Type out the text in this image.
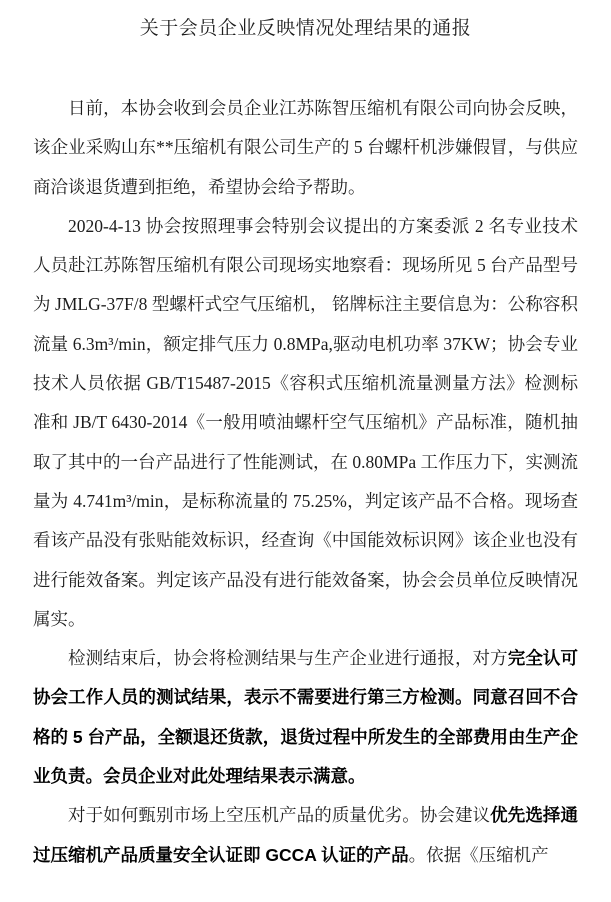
关于会员企业反映情况处理结果的通报

日前，本协会收到会员企业江苏陈智压缩机有限公司向协会反映，该企业采购山东**压缩机有限公司生产的 5 台螺杆机涉嫌假冒，与供应商洽谈退货遭到拒绝，希望协会给予帮助。

2020-4-13 协会按照理事会特别会议提出的方案委派 2 名专业技术人员赴江苏陈智压缩机有限公司现场实地察看：现场所见 5 台产品型号为 JMLG-37F/8 型螺杆式空气压缩机， 铭牌标注主要信息为：公称容积流量 6.3m³/min，额定排气压力 0.8MPa,驱动电机功率 37KW；协会专业技术人员依据 GB/T15487-2015《容积式压缩机流量测量方法》检测标准和 JB/T 6430-2014《一般用喷油螺杆空气压缩机》产品标准，随机抽取了其中的一台产品进行了性能测试，在 0.80MPa 工作压力下，实测流量为 4.741m³/min，是标称流量的 75.25%，判定该产品不合格。现场查看该产品没有张贴能效标识，经查询《中国能效标识网》该企业也没有进行能效备案。判定该产品没有进行能效备案，协会会员单位反映情况属实。

检测结束后，协会将检测结果与生产企业进行通报，对方完全认可协会工作人员的测试结果，表示不需要进行第三方检测。同意召回不合格的 5 台产品，全额退还货款，退货过程中所发生的全部费用由生产企业负责。会员企业对此处理结果表示满意。

对于如何甄别市场上空压机产品的质量优劣。协会建议优先选择通过压缩机产品质量安全认证即 GCCA 认证的产品。依据《压缩机产
